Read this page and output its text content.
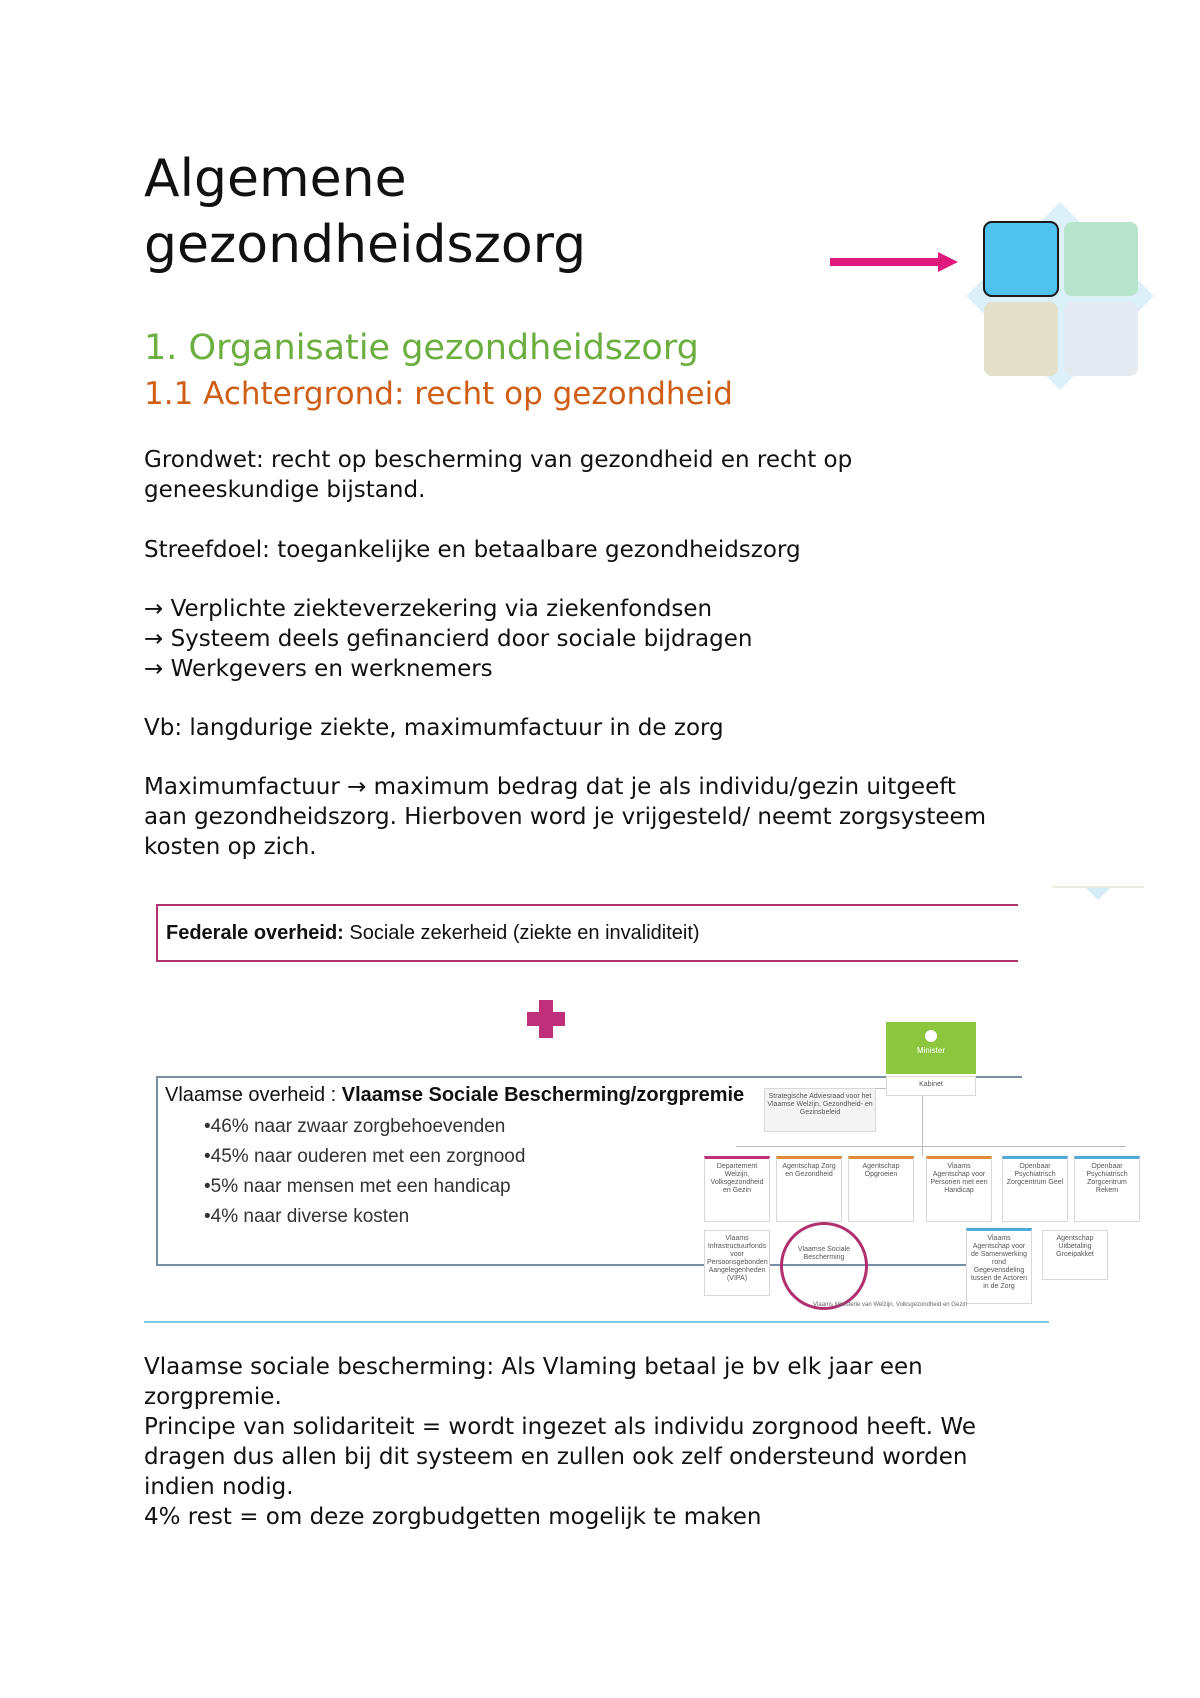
Algemene
gezondheidszorg
1. Organisatie gezondheidszorg
1.1 Achtergrond: recht op gezondheid

Grondwet: recht op bescherming van gezondheid en recht op

geneeskundige bijstand.

Streefdoel: toegankelijke en betaalbare gezondheidszorg

→ Verplichte ziekteverzekering via ziekenfondsen

→ Systeem deels gefinancierd door sociale bijdragen

→ Werkgevers en werknemers

Vb: langdurige ziekte, maximumfactuur in de zorg

Maximumfactuur → maximum bedrag dat je als individu/gezin uitgeeft

aan gezondheidszorg. Hierboven word je vrijgesteld/ neemt zorgsysteem

kosten op zich.

Federale overheid: Sociale zekerheid (ziekte en invaliditeit)
Vlaamse overheid : Vlaamse Sociale Bescherming/zorgpremie
•46% naar zwaar zorgbehoevenden
•45% naar ouderen met een zorgnood
•5% naar mensen met een handicap
•4% naar diverse kosten
Minister
Kabinet
Strategische Adviesraad voor het Vlaamse Welzijn, Gezondheid- en Gezinsbeleid
Departement Welzijn, Volksgezondheid en Gezin
Agentschap Zorg en Gezondheid
Agentschap Opgroeien
Vlaams Agentschap voor Personen met een Handicap
Openbaar Psychiatrisch Zorgcentrum Geel
Openbaar Psychiatrisch Zorgcentrum Rekem
Vlaams Infrastructuurfonds voor Persoonsgebonden Aangelegenheden (VIPA)
Vlaamse Sociale Bescherming
Vlaams Agentschap voor de Samenwerking rond Gegevensdeling tussen de Actoren in de Zorg
Agentschap Uitbetaling Groeipakket
Vlaams Ministerie van Welzijn, Volksgezondheid en Gezin

Vlaamse sociale bescherming: Als Vlaming betaal je bv elk jaar een

zorgpremie.

Principe van solidariteit = wordt ingezet als individu zorgnood heeft. We

dragen dus allen bij dit systeem en zullen ook zelf ondersteund worden

indien nodig.

4% rest = om deze zorgbudgetten mogelijk te maken
